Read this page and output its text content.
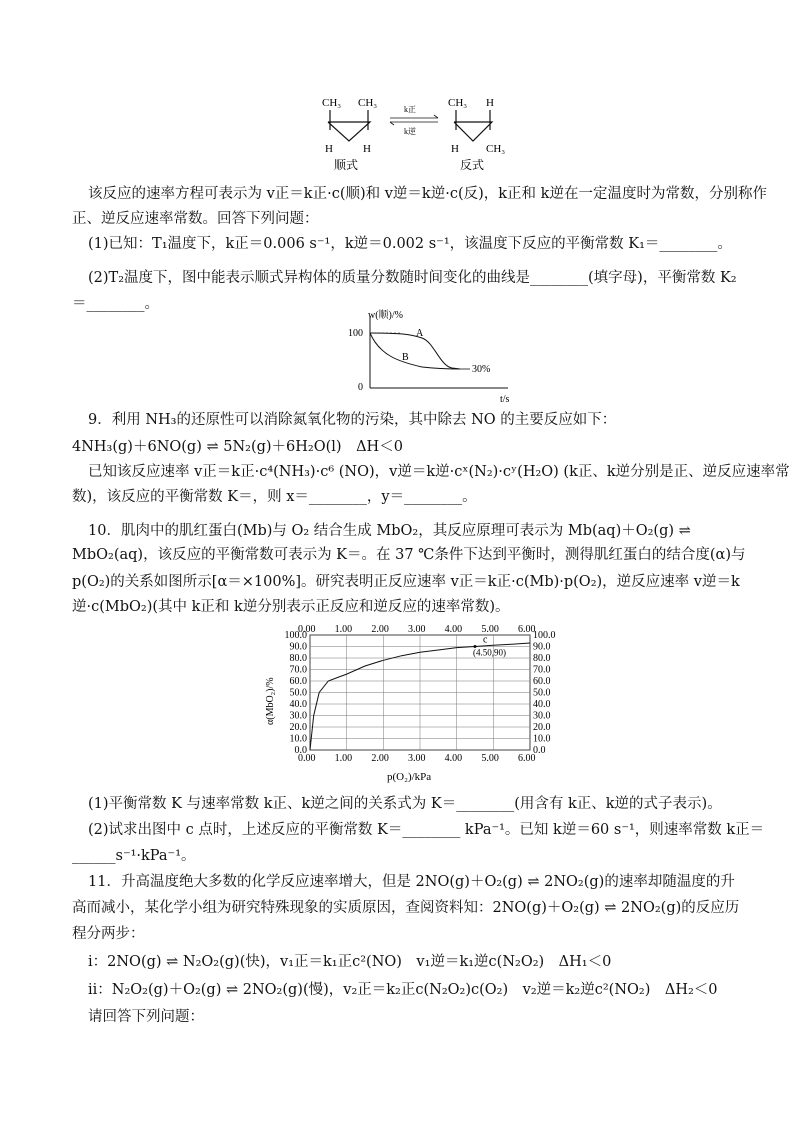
CH₃ CH₃
H	H
顺式
k正
k逆
CH₃ H
H CH₃
反式
该反应的速率方程可表示为 v正＝k正·c(顺)和 v逆＝k逆·c(反)，k正和 k逆在一定温度时为常数，分别称作
正、逆反应速率常数。回答下列问题：
(1)已知：T₁温度下，k正＝0.006 s⁻¹，k逆＝0.002 s⁻¹，该温度下反应的平衡常数 K₁＝________。
(2)T₂温度下，图中能表示顺式异构体的质量分数随时间变化的曲线是________(填字母)，平衡常数 K₂
＝________。
w(顺)/%
100
0
A
B
30%
t/s
9．利用 NH₃的还原性可以消除氮氧化物的污染，其中除去 NO 的主要反应如下：
4NH₃(g)＋6NO(g) ⇌ 5N₂(g)＋6H₂O(l)　ΔH＜0
已知该反应速率 v正＝k正·c⁴(NH₃)·c⁶ (NO)，v逆＝k逆·cˣ(N₂)·cʸ(H₂O) (k正、k逆分别是正、逆反应速率常
数)，该反应的平衡常数 K＝，则 x＝________，y＝________。
10．肌肉中的肌红蛋白(Mb)与 O₂ 结合生成 MbO₂，其反应原理可表示为 Mb(aq)＋O₂(g) ⇌
MbO₂(aq)，该反应的平衡常数可表示为 K＝。在 37 ℃条件下达到平衡时，测得肌红蛋白的结合度(α)与
p(O₂)的关系如图所示[α＝×100%]。研究表明正反应速率 v正＝k正·c(Mb)·p(O₂)，逆反应速率 v逆＝k
逆·c(MbO₂)(其中 k正和 k逆分别表示正反应和逆反应的速率常数)。
0.00
0.00
1.00
1.00
2.00
2.00
3.00
3.00
4.00
4.00
5.00
5.00
6.00
6.00
0.0	0.0
10.0	10.0
20.0	20.0
30.0	30.0
40.0	40.0
50.0	50.0
60.0	60.0
70.0	70.0
80.0	80.0
90.0	90.0
100.0	100.0
c
(4.50,90)
α(MbO₂)/%
p(O₂)/kPa
(1)平衡常数 K 与速率常数 k正、k逆之间的关系式为 K＝________(用含有 k正、k逆的式子表示)。
(2)试求出图中 c 点时，上述反应的平衡常数 K＝________ kPa⁻¹。已知 k逆＝60 s⁻¹，则速率常数 k正＝
______s⁻¹·kPa⁻¹。
11．升高温度绝大多数的化学反应速率增大，但是 2NO(g)＋O₂(g) ⇌ 2NO₂(g)的速率却随温度的升
高而减小，某化学小组为研究特殊现象的实质原因，查阅资料知：2NO(g)＋O₂(g) ⇌ 2NO₂(g)的反应历
程分两步：
i：2NO(g) ⇌ N₂O₂(g)(快)，v₁正＝k₁正c²(NO)　v₁逆＝k₁逆c(N₂O₂)　ΔH₁＜0
ii：N₂O₂(g)＋O₂(g) ⇌ 2NO₂(g)(慢)，v₂正＝k₂正c(N₂O₂)c(O₂)　v₂逆＝k₂逆c²(NO₂)　ΔH₂＜0
请回答下列问题：
